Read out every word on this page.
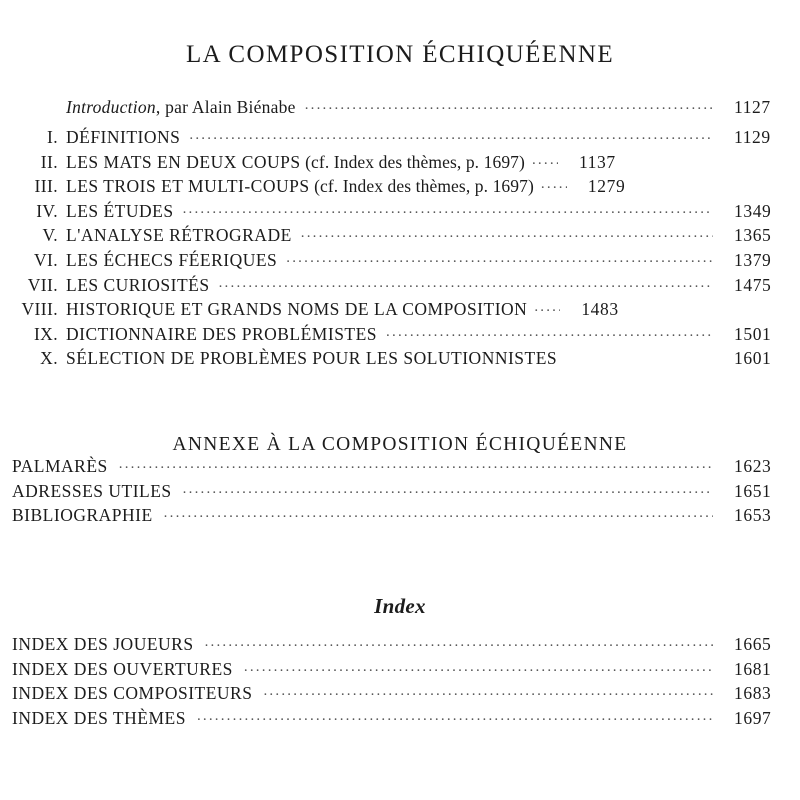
LA COMPOSITION ÉCHIQUÉENNE
Introduction, par Alain Biénabe .....	1127
I. DÉFINITIONS .....	1129
II. LES MATS EN DEUX COUPS (cf. Index des thèmes, p. 1697) .....	1137
III. LES TROIS ET MULTI-COUPS (cf. Index des thèmes, p. 1697) .....	1279
IV. LES ÉTUDES .....	1349
V. L'ANALYSE RÉTROGRADE .....	1365
VI. LES ÉCHECS FÉERIQUES .....	1379
VII. LES CURIOSITÉS .....	1475
VIII. HISTORIQUE ET GRANDS NOMS DE LA COMPOSITION .....	1483
IX. DICTIONNAIRE DES PROBLÉMISTES .....	1501
X. SÉLECTION DE PROBLÈMES POUR LES SOLUTIONNISTES	1601
ANNEXE À LA COMPOSITION ÉCHIQUÉENNE
PALMARÈS .....	1623
ADRESSES UTILES .....	1651
BIBLIOGRAPHIE .....	1653
Index
INDEX DES JOUEURS .....	1665
INDEX DES OUVERTURES .....	1681
INDEX DES COMPOSITEURS .....	1683
INDEX DES THÈMES .....	1697
